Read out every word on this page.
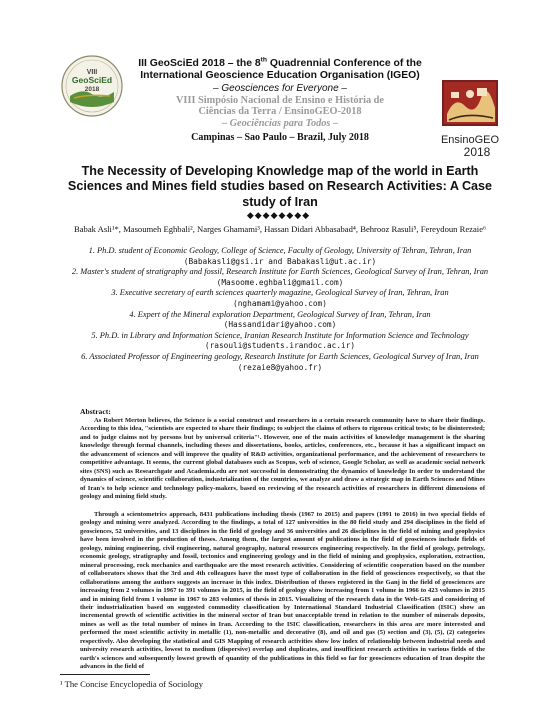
VIII
GeoSciEd
2018
EnsinoGEO
2018
III GeoSciEd 2018 – the 8th Quadrennial Conference of the
International Geoscience Education Organisation (IGEO)
– Geosciences for Everyone –
VIII Simpósio Nacional de Ensino e História de
Ciências da Terra / EnsinoGEO-2018
– Geociências para Todos –
Campinas – Sao Paulo – Brazil, July 2018
The Necessity of Developing Knowledge map of the world in Earth Sciences and Mines field studies based on Research Activities: A Case study of Iran
◆◆◆◆◆◆◆◆
Babak Asli¹*, Masoumeh Eghbali², Narges Ghamami³, Hassan Didari Abbasabad⁴, Behrooz Rasuli⁵, Fereydoun Rezaie⁶

1. Ph.D. student of Economic Geology, College of Science, Faculty of Geology, University of Tehran, Tehran, Iran
(Babakasli@gsi.ir and Babakasli@ut.ac.ir)

2. Master's student of stratigraphy and fossil, Research Institute for Earth Sciences, Geological Survey of Iran, Tehran, Iran (Masoome.eghbali@gmail.com)

3. Executive secretary of earth sciences quarterly magazine, Geological Survey of Iran, Tehran, Iran
(nghamami@yahoo.com)

4. Expert of the Mineral exploration Department, Geological Survey of Iran, Tehran, Iran
(Hassandidari@yahoo.com)

5. Ph.D. in Library and Information Science, Iranian Research Institute for Information Science and Technology
(rasouli@students.irandoc.ac.ir)

6. Associated Professor of Engineering geology, Research Institute for Earth Sciences, Geological Survey of Iran, Iran (rezaie8@yahoo.fr)

Abstract:
As Robert Merton believes, the Science is a social construct and researchers in a certain research community have to share their findings. According to this idea, "scientists are expected to share their findings; to subject the claims of others to rigorous critical tests; to be disinterested; and to judge claims not by persons but by universal criteria"¹. However, one of the main activities of knowledge management is the sharing knowledge through formal channels, including theses and dissertations, books, articles, conferences, etc., because it has a significant impact on the advancement of sciences and will improve the quality of R&D activities, organizational performance, and the achievement of researchers to competitive advantage. It seems, the current global databases such as Scopus, web of science, Google Scholar, as well as academic social network sites (SNS) such as Researchgate and Academia.edu are not successful in demonstrating the dynamics of knowledge In order to understand the dynamics of science, scientific collaboration, industrialization of the countries, we analyze and draw a strategic map in Earth Sciences and Mines of Iran's to help science and technology policy-makers, based on reviewing of the research activities of researchers in different dimensions of geology and mining field study.
Through a scientometrics approach, 8431 publications including thesis (1967 to 2015) and papers (1991 to 2016) in two special fields of geology and mining were analyzed. According to the findings, a total of 127 universities in the 80 field study and 294 disciplines in the field of geosciences, 52 universities, and 13 disciplines in the field of geology and 36 universities and 26 disciplines in the field of mining and geophysics have been involved in the production of theses. Among them, the largest amount of publications in the field of geosciences include fields of geology, mining engineering, civil engineering, natural geography, natural resources engineering respectively. In the field of geology, petrology, economic geology, stratigraphy and fossil, tectonics and engineering geology and in the field of mining and geophysics, exploration, extraction, mineral processing, rock mechanics and earthquake are the most research activities. Considering of scientific cooperation based on the number of collaborators shows that the 3rd and 4th colleagues have the most type of collaboration in the field of geosciences respectively, so that the collaborations among the authors suggests an increase in this index. Distribution of theses registered in the Ganj in the field of geosciences are increasing from 2 volumes in 1967 to 391 volumes in 2015, in the field of geology show increasing from 1 volume in 1966 to 423 volumes in 2015 and in mining field from 1 volume in 1967 to 283 volumes of thesis in 2015. Visualizing of the research data in the Web-GIS and considering of their industrialization based on suggested commodity classification by International Standard Industrial Classification (ISIC) show an incremental growth of scientific activities in the mineral sector of Iran but unacceptable trend in relation to the number of minerals deposits, mines as well as the total number of mines in Iran. According to the ISIC classification, researchers in this area are more interested and performed the most scientific activity in metallic (1), non-metallic and decorative (8), and oil and gas (5) section and (3), (5), (2) categories respectively. Also developing the statistical and GIS Mapping of research activities show low index of relationship between industrial needs and university research activities, lowest to medium (dispersive) overlap and duplicates, and insufficient research activities in various fields of the earth's sciences and subsequently lowest growth of quantity of the publications in this field so far for geosciences education of Iran despite the advances in the field of
¹ The Concise Encyclopedia of Sociology
